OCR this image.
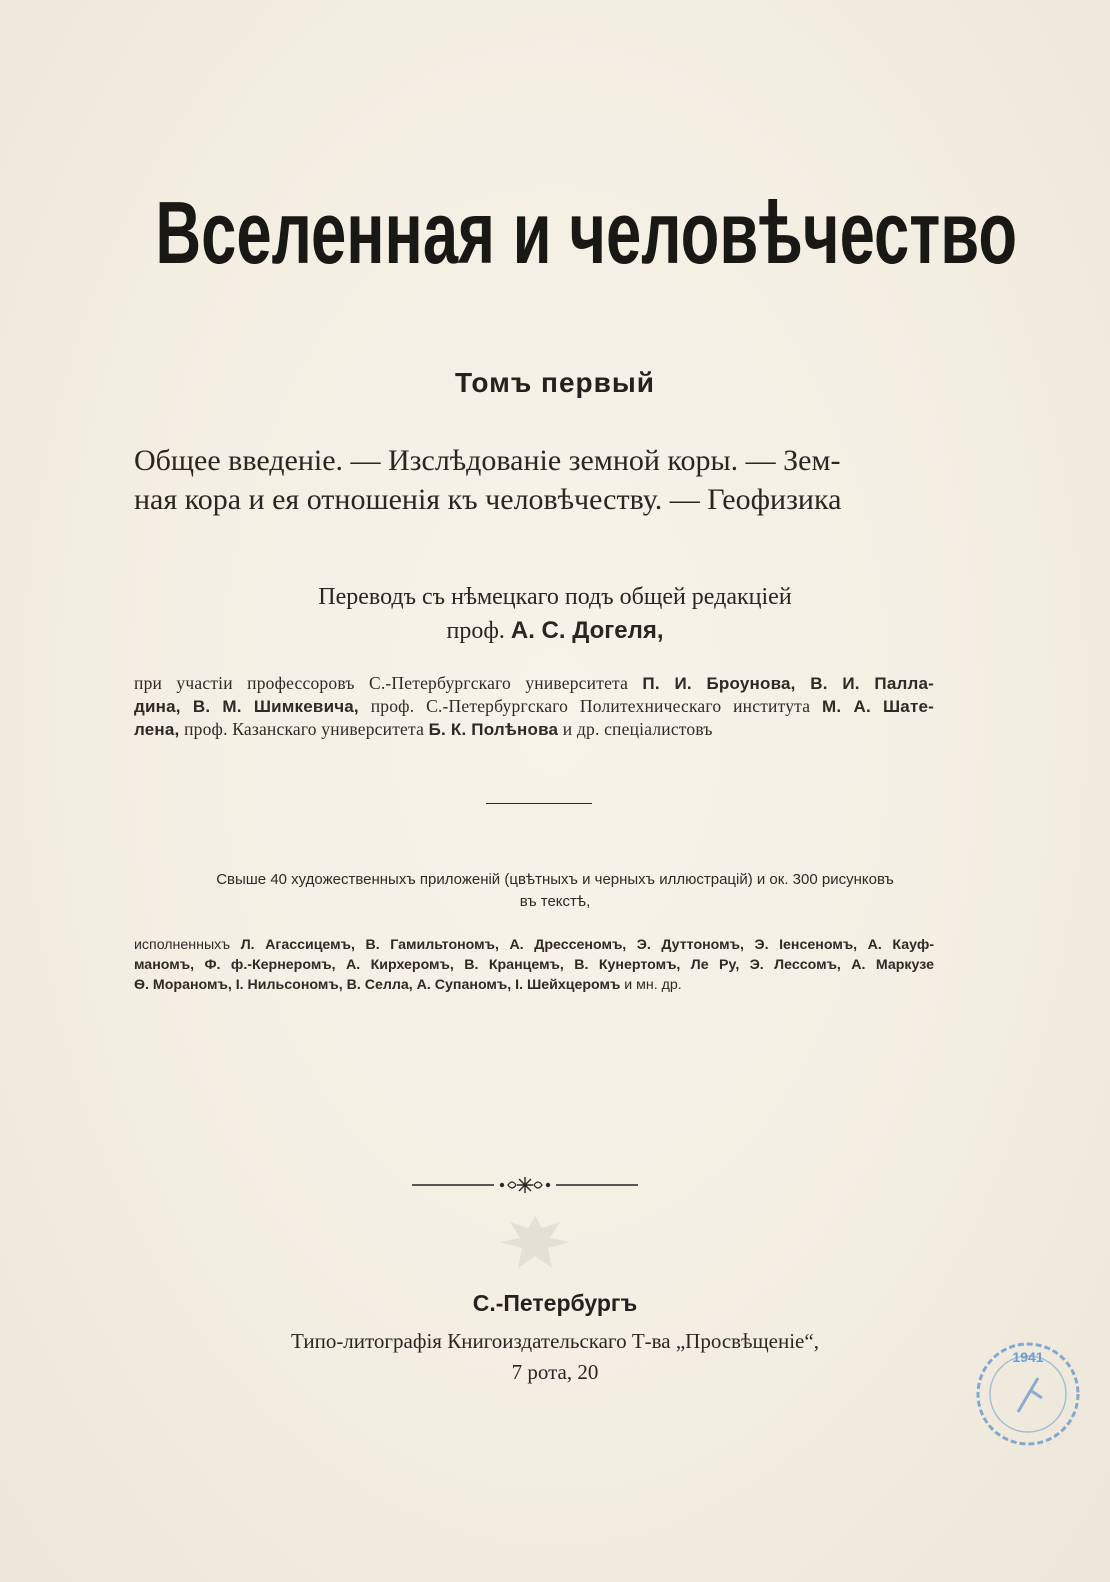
Вселенная и человѣчество
Томъ первый
Общее введеніе. — Изслѣдованіе земной коры. — Зем-
ная кора и ея отношенія къ человѣчеству. — Геофизика
Переводъ съ нѣмецкаго подъ общей редакціей
проф. А. С. Догеля,
при участіи профессоровъ С.-Петербургскаго университета П. И. Броунова, В. И. Палла-
дина, В. М. Шимкевича, проф. С.-Петербургскаго Политехническаго института М. А. Шате-
лена, проф. Казанскаго университета Б. К. Полѣнова и др. спеціалистовъ
Свыше 40 художественныхъ приложеній (цвѣтныхъ и черныхъ иллюстрацій) и ок. 300 рисунковъ
въ текстѣ,
исполненныхъ Л. Агассицемъ, В. Гамильтономъ, А. Дрессеномъ, Э. Дуттономъ, Э. Іенсеномъ, А. Кауф-
маномъ, Ф. ф.-Кернеромъ, А. Кирхеромъ, В. Кранцемъ, В. Кунертомъ, Ле Ру, Э. Лессомъ, А. Маркузе
Ѳ. Мораномъ, І. Нильсономъ, В. Селла, А. Супаномъ, І. Шейхцеромъ и мн. др.
С.-Петербургъ
Типо-литографія Книгоиздательскаго Т-ва „Просвѣщеніе“,
7 рота, 20
1941
